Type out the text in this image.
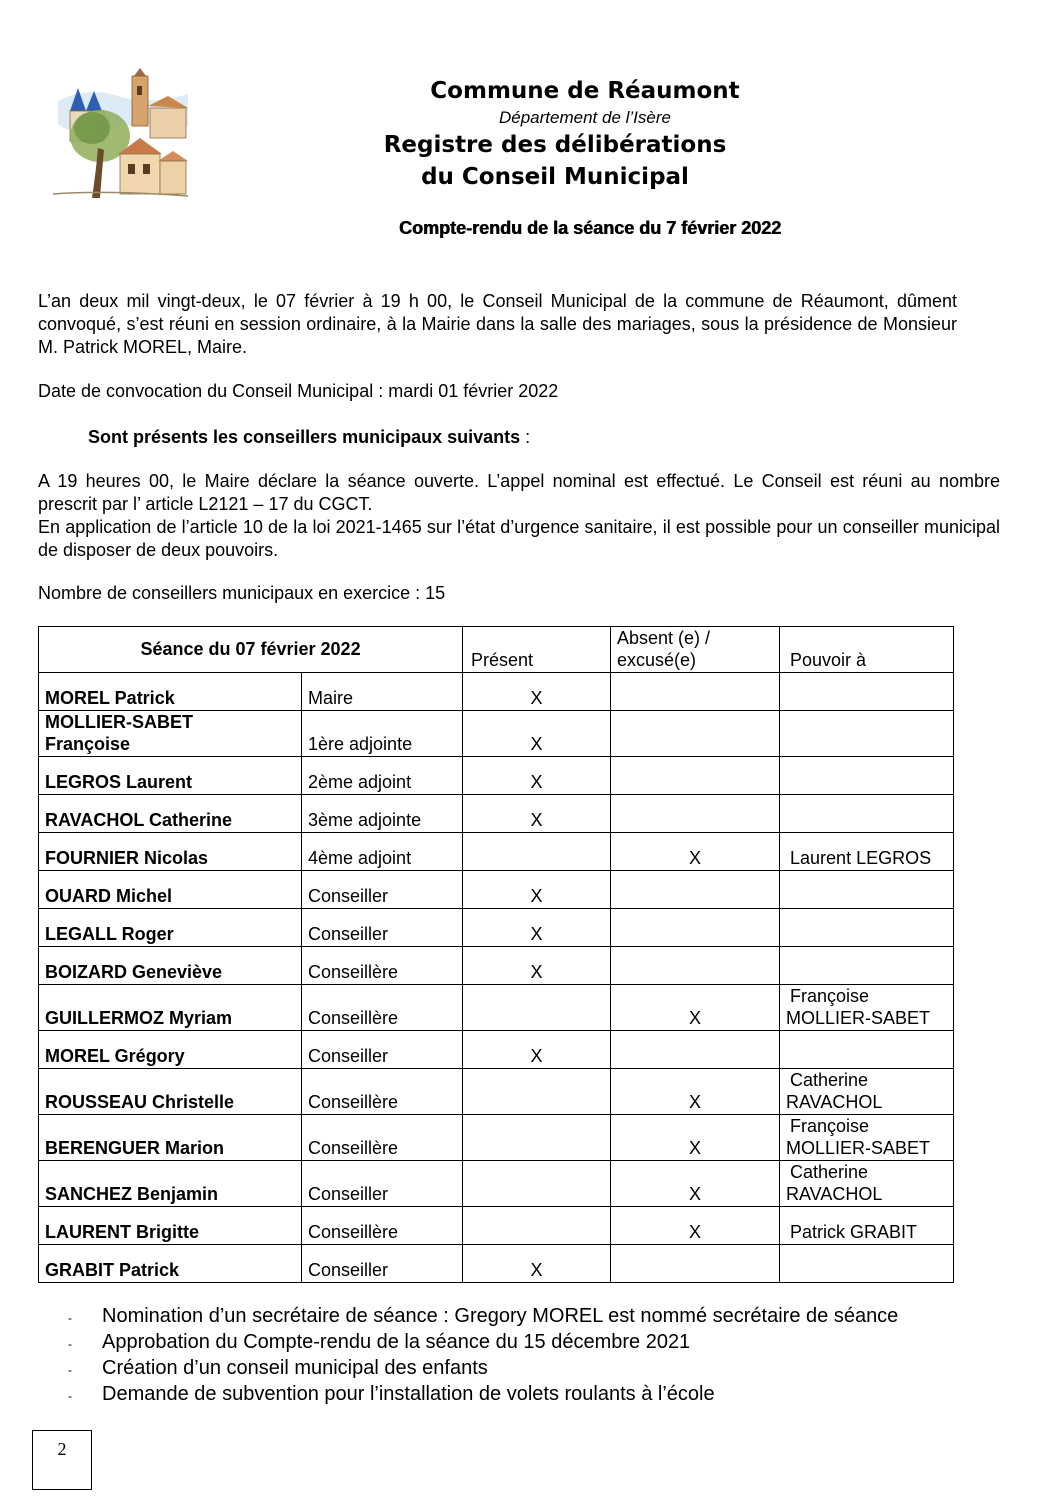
Commune de Réaumont
Département de l’Isère
Registre des délibérations
du Conseil Municipal
Compte-rendu de la séance du 7 février 2022

L’an deux mil vingt-deux, le 07 février à 19 h 00, le Conseil Municipal de la commune de Réaumont, dûment convoqué, s’est réuni en session ordinaire, à la Mairie dans la salle des mariages, sous la présidence de Monsieur M. Patrick MOREL, Maire.

Date de convocation du Conseil Municipal : mardi 01 février 2022

Sont présents les conseillers municipaux suivants :

A 19 heures 00, le Maire déclare la séance ouverte. L’appel nominal est effectué. Le Conseil est réuni au nombre prescrit par l’ article L2121 – 17 du CGCT.
En application de l’article 10 de la loi 2021-1465 sur l’état d’urgence sanitaire, il est possible pour un conseiller municipal de disposer de deux pouvoirs.

Nombre de conseillers municipaux en exercice : 15

Séance du 07 février 2022		Présent	Absent (e) /
excusé(e)	Pouvoir à
MOREL Patrick	Maire	X		

MOLLIER-SABET
Françoise	1ère adjointe	X		
LEGROS Laurent	2ème adjoint	X		
RAVACHOL Catherine	3ème adjointe	X		
FOURNIER Nicolas	4ème adjoint		X	Laurent LEGROS
OUARD Michel	Conseiller	X		
LEGALL Roger	Conseiller	X		
BOIZARD Geneviève	Conseillère	X		
GUILLERMOZ Myriam	Conseillère		X	Françoise
MOLLIER-SABET

MOREL Grégory	Conseiller	X		
ROUSSEAU Christelle	Conseillère		X	Catherine
RAVACHOL

BERENGUER Marion	Conseillère		X	Françoise
MOLLIER-SABET

SANCHEZ Benjamin	Conseiller		X	Catherine
RAVACHOL

LAURENT Brigitte	Conseillère		X	Patrick GRABIT
GRABIT Patrick	Conseiller	X		
- Nomination d’un secrétaire de séance : Gregory MOREL est nommé secrétaire de séance
- Approbation du Compte-rendu de la séance du 15 décembre 2021
- Création d’un conseil municipal des enfants
- Demande de subvention pour l’installation de volets roulants à l’école
2
